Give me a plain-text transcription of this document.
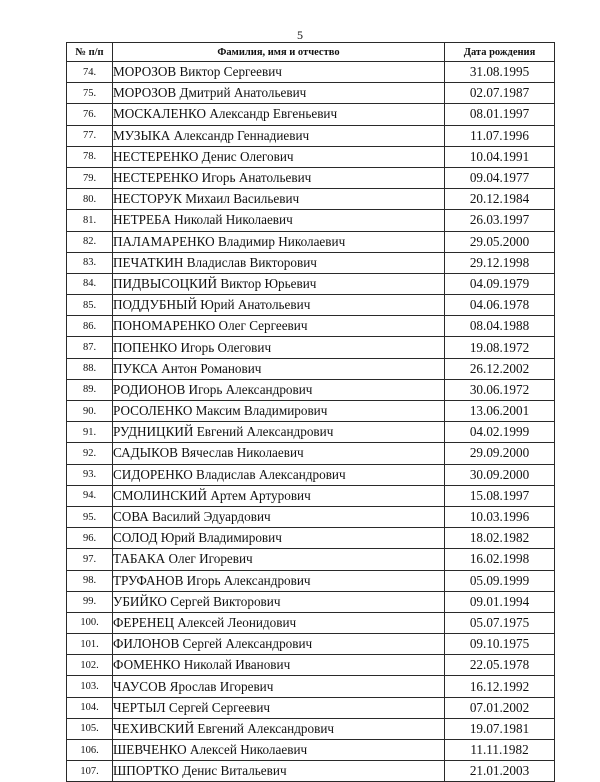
5
№ п/п	Фамилия, имя и отчество	Дата рождения
74.	МОРОЗОВ Виктор Сергеевич	31.08.1995
75.	МОРОЗОВ Дмитрий Анатольевич	02.07.1987
76.	МОСКАЛЕНКО Александр Евгеньевич	08.01.1997
77.	МУЗЫКА Александр Геннадиевич	11.07.1996
78.	НЕСТЕРЕНКО Денис Олегович	10.04.1991
79.	НЕСТЕРЕНКО Игорь Анатольевич	09.04.1977
80.	НЕСТОРУК Михаил Васильевич	20.12.1984
81.	НЕТРЕБА Николай Николаевич	26.03.1997
82.	ПАЛАМАРЕНКО Владимир Николаевич	29.05.2000
83.	ПЕЧАТКИН Владислав Викторович	29.12.1998
84.	ПИДВЫСОЦКИЙ Виктор Юрьевич	04.09.1979
85.	ПОДДУБНЫЙ Юрий Анатольевич	04.06.1978
86.	ПОНОМАРЕНКО Олег Сергеевич	08.04.1988
87.	ПОПЕНКО Игорь Олегович	19.08.1972
88.	ПУКСА Антон Романович	26.12.2002
89.	РОДИОНОВ Игорь Александрович	30.06.1972
90.	РОСОЛЕНКО Максим Владимирович	13.06.2001
91.	РУДНИЦКИЙ Евгений Александрович	04.02.1999
92.	САДЫКОВ Вячеслав Николаевич	29.09.2000
93.	СИДОРЕНКО Владислав Александрович	30.09.2000
94.	СМОЛИНСКИЙ Артем Артурович	15.08.1997
95.	СОВА Василий Эдуардович	10.03.1996
96.	СОЛОД Юрий Владимирович	18.02.1982
97.	ТАБАКА Олег Игоревич	16.02.1998
98.	ТРУФАНОВ Игорь Александрович	05.09.1999
99.	УБИЙКО Сергей Викторович	09.01.1994
100.	ФЕРЕНЕЦ Алексей Леонидович	05.07.1975
101.	ФИЛОНОВ Сергей Александрович	09.10.1975
102.	ФОМЕНКО Николай Иванович	22.05.1978
103.	ЧАУСОВ Ярослав Игоревич	16.12.1992
104.	ЧЕРТЫЛ Сергей Сергеевич	07.01.2002
105.	ЧЕХИВСКИЙ Евгений Александрович	19.07.1981
106.	ШЕВЧЕНКО Алексей Николаевич	11.11.1982
107.	ШПОРТКО Денис Витальевич	21.01.2003
